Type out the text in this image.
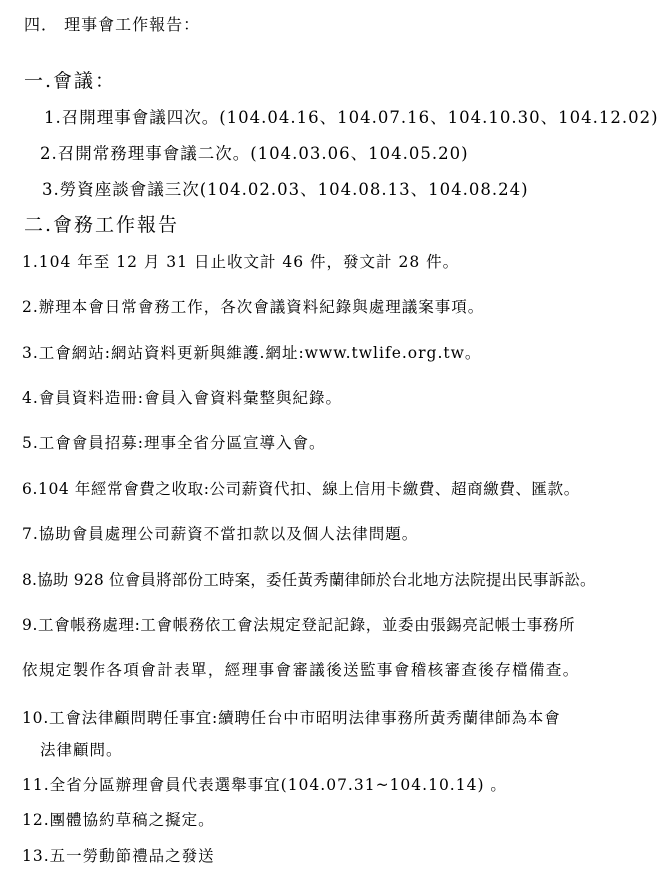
四． 理事會工作報告：
一.會議：
1.召開理事會議四次。(104.04.16、104.07.16、104.10.30、104.12.02)
2.召開常務理事會議二次。(104.03.06、104.05.20)
3.勞資座談會議三次(104.02.03、104.08.13、104.08.24)
二.會務工作報告
1.104 年至 12 月 31 日止收文計 46 件，發文計 28 件。
2.辦理本會日常會務工作，各次會議資料紀錄與處理議案事項。
3.工會網站:網站資料更新與維護.網址:www.twlife.org.tw。
4.會員資料造冊:會員入會資料彙整與紀錄。
5.工會會員招募:理事全省分區宣導入會。
6.104 年經常會費之收取:公司薪資代扣、線上信用卡繳費、超商繳費、匯款。
7.協助會員處理公司薪資不當扣款以及個人法律問題。
8.協助 928 位會員將部份工時案，委任黃秀蘭律師於台北地方法院提出民事訴訟。
9.工會帳務處理:工會帳務依工會法規定登記記錄，並委由張錫亮記帳士事務所
依規定製作各項會計表單，經理事會審議後送監事會稽核審查後存檔備查。
10.工會法律顧問聘任事宜:續聘任台中市昭明法律事務所黃秀蘭律師為本會
法律顧問。
11.全省分區辦理會員代表選舉事宜(104.07.31~104.10.14) 。
12.團體協約草稿之擬定。
13.五一勞動節禮品之發送
